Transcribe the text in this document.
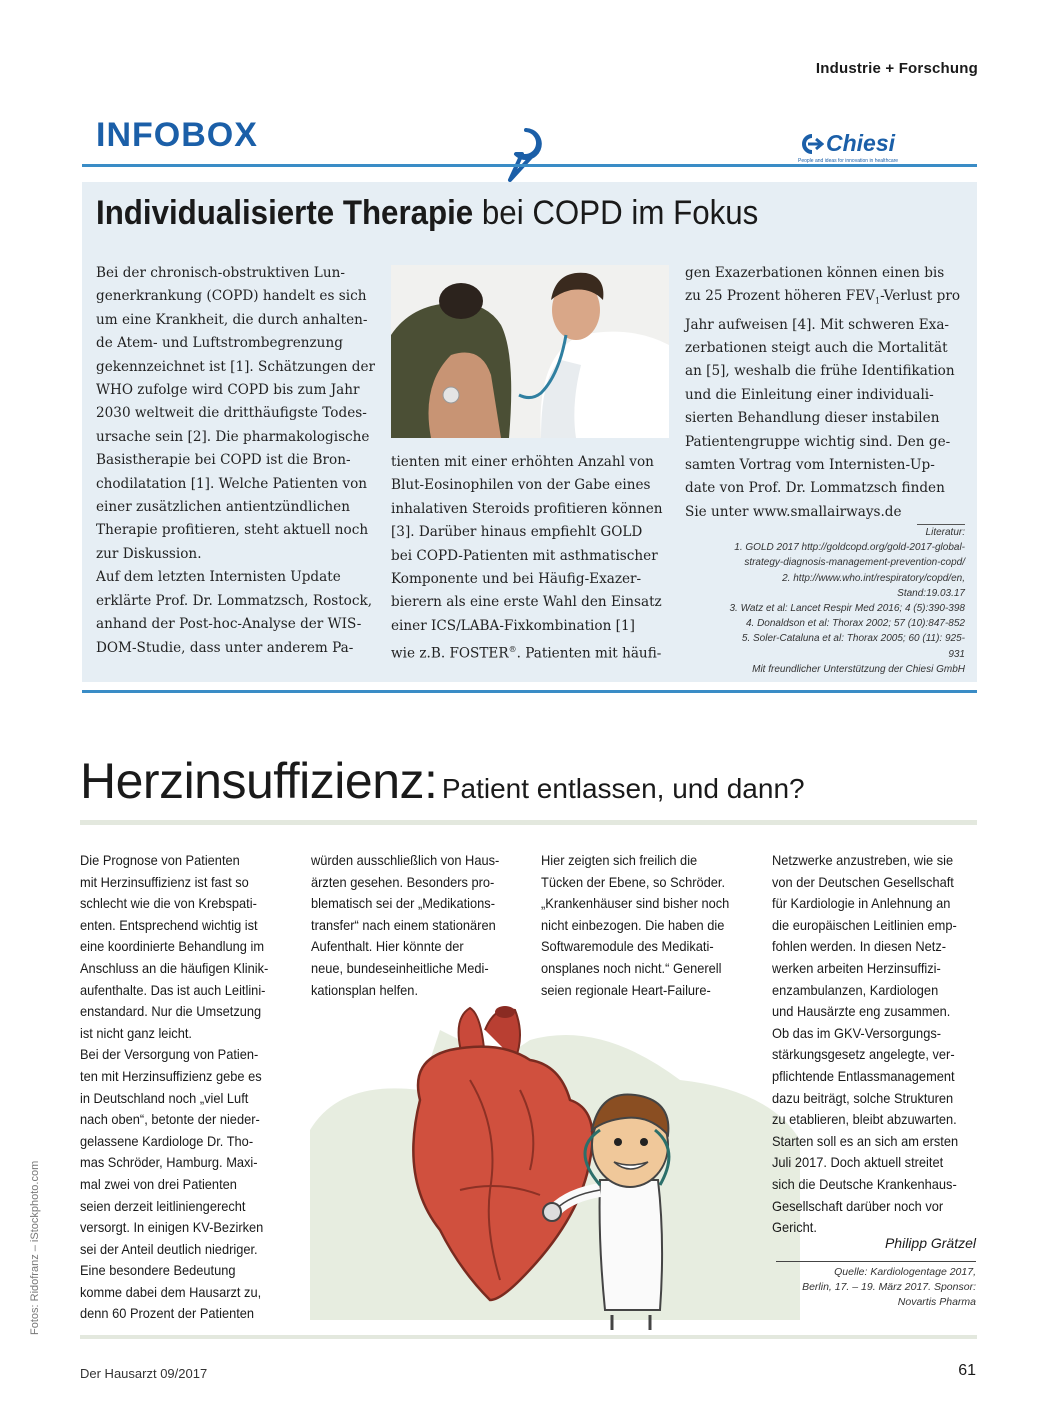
Industrie + Forschung
INFOBOX	Chiesi
People and ideas for innovation in healthcare
Individualisierte Therapie bei COPD im Fokus

Bei der chronisch-obstruktiven Lun-

generkrankung (COPD) handelt es sich

um eine Krankheit, die durch anhalten-

de Atem- und Luftstrombegrenzung

gekennzeichnet ist [1]. Schätzungen der

WHO zufolge wird COPD bis zum Jahr

2030 weltweit die dritthäufigste Todes-

ursache sein [2]. Die pharmakologische

Basistherapie bei COPD ist die Bron-

chodilatation [1]. Welche Patienten von

einer zusätzlichen antientzündlichen

Therapie profitieren, steht aktuell noch

zur Diskussion.

Auf dem letzten Internisten Update

erklärte Prof. Dr. Lommatzsch, Rostock,

anhand der Post-hoc-Analyse der WIS-

DOM-Studie, dass unter anderem Pa-

tienten mit einer erhöhten Anzahl von

Blut-Eosinophilen von der Gabe eines

inhalativen Steroids profitieren können

[3]. Darüber hinaus empfiehlt GOLD

bei COPD-Patienten mit asthmatischer

Komponente und bei Häufig-Exazer-

bierern als eine erste Wahl den Einsatz

einer ICS/LABA-Fixkombination [1]

wie z.B. FOSTER®. Patienten mit häufi-

gen Exazerbationen können einen bis

zu 25 Prozent höheren $FEV_1$-Verlust pro

Jahr aufweisen [4]. Mit schweren Exa-

zerbationen steigt auch die Mortalität

an [5], weshalb die frühe Identifikation

und die Einleitung einer individuali-

sierten Behandlung dieser instabilen

Patientengruppe wichtig sind. Den ge-

samten Vortrag vom Internisten-Up-

date von Prof. Dr. Lommatzsch finden

Sie unter www.smallairways.de

Literatur:

1. GOLD 2017 http://goldcopd.org/gold-2017-global-

strategy-diagnosis-management-prevention-copd/

2. http://www.who.int/respiratory/copd/en,

Stand:19.03.17

3. Watz et al: Lancet Respir Med 2016; 4 (5):390-398

4. Donaldson et al: Thorax 2002; 57 (10):847-852

5. Soler-Cataluna et al: Thorax 2005; 60 (11): 925-

931

Mit freundlicher Unterstützung der Chiesi GmbH

Herzinsuffizienz: Patient entlassen, und dann?

Die Prognose von Patienten

mit Herzinsuffizienz ist fast so

schlecht wie die von Krebspati-

enten. Entsprechend wichtig ist

eine koordinierte Behandlung im

Anschluss an die häufigen Klinik-

aufenthalte. Das ist auch Leitlini-

enstandard. Nur die Umsetzung

ist nicht ganz leicht.

Bei der Versorgung von Patien-

ten mit Herzinsuffizienz gebe es

in Deutschland noch „viel Luft

nach oben“, betonte der nieder-

gelassene Kardiologe Dr. Tho-

mas Schröder, Hamburg. Maxi-

mal zwei von drei Patienten

seien derzeit leitliniengerecht

versorgt. In einigen KV-Bezirken

sei der Anteil deutlich niedriger.

Eine besondere Bedeutung

komme dabei dem Hausarzt zu,

denn 60 Prozent der Patienten

würden ausschließlich von Haus-

ärzten gesehen. Besonders pro-

blematisch sei der „Medikations-

transfer“ nach einem stationären

Aufenthalt. Hier könnte der

neue, bundeseinheitliche Medi-

kationsplan helfen.

Hier zeigten sich freilich die

Tücken der Ebene, so Schröder.

„Krankenhäuser sind bisher noch

nicht einbezogen. Die haben die

Softwaremodule des Medikati-

onsplanes noch nicht.“ Generell

seien regionale Heart-Failure-

Netzwerke anzustreben, wie sie

von der Deutschen Gesellschaft

für Kardiologie in Anlehnung an

die europäischen Leitlinien emp-

fohlen werden. In diesen Netz-

werken arbeiten Herzinsuffizi-

enzambulanzen, Kardiologen

und Hausärzte eng zusammen.

Ob das im GKV-Versorgungs-

stärkungsgesetz angelegte, ver-

pflichtende Entlassmanagement

dazu beiträgt, solche Strukturen

zu etablieren, bleibt abzuwarten.

Starten soll es an sich am ersten

Juli 2017. Doch aktuell streitet

sich die Deutsche Krankenhaus-

Gesellschaft darüber noch vor

Gericht.

Philipp Grätzel

Quelle: Kardiologentage 2017,

Berlin, 17. – 19. März 2017. Sponsor:

Novartis Pharma

Fotos: Ridofranz – iStockphoto.com
Der Hausarzt 09/2017	61
